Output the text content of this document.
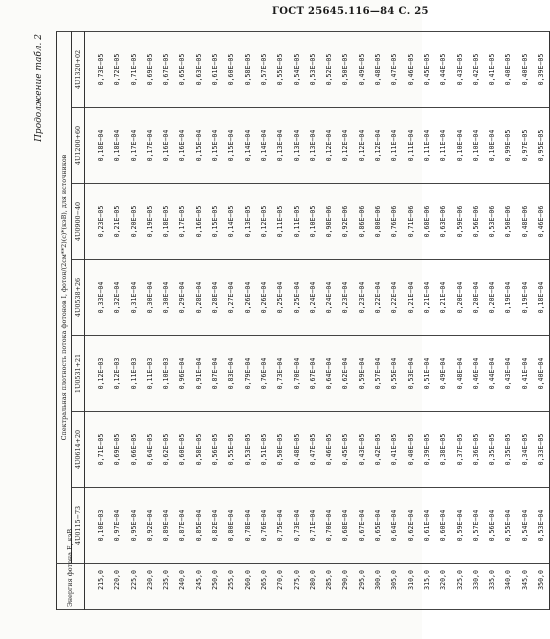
ГОСТ 25645.116—84 С. 25
Продолжение табл. 2
Энергия фотона E, кэВ	Спектральная плотность потока фотонов I, фотон/(2см**2)(с)*(кэВ), для источников						
	4U0115−73	4U0614+20	1U0531+21	4U0538+26	4U0900−40	4U1200+60	4U1320+02
215,0	0,10E−03	0,71E−05	0,12E−03	0,33E−04	0,23E−05	0,18E−04	0,73E−05
220,0	0,97E−04	0,69E−05	0,12E−03	0,32E−04	0,21E−05	0,18E−04	0,72E−05
225,0	0,95E−04	0,66E−05	0,11E−03	0,31E−04	0,20E−05	0,17E−04	0,71E−05
230,0	0,92E−04	0,64E−05	0,11E−03	0,30E−04	0,19E−05	0,17E−04	0,69E−05
235,0	0,89E−04	0,62E−05	0,10E−03	0,30E−04	0,18E−05	0,16E−04	0,67E−05
240,0	0,87E−04	0,60E−05	0,96E−04	0,29E−04	0,17E−05	0,16E−04	0,65E−05
245,0	0,85E−04	0,58E−05	0,91E−04	0,28E−04	0,16E−05	0,15E−04	0,63E−05
250,0	0,82E−04	0,56E−05	0,87E−04	0,28E−04	0,15E−05	0,15E−04	0,61E−05
255,0	0,80E−04	0,55E−05	0,83E−04	0,27E−04	0,14E−05	0,15E−04	0,60E−05
260,0	0,78E−04	0,53E−05	0,79E−04	0,26E−04	0,13E−05	0,14E−04	0,58E−05
265,0	0,76E−04	0,51E−05	0,76E−04	0,26E−04	0,12E−05	0,14E−04	0,57E−05
270,0	0,75E−04	0,50E−05	0,73E−04	0,25E−04	0,11E−05	0,13E−04	0,55E−05
275,0	0,73E−04	0,48E−05	0,70E−04	0,25E−04	0,11E−05	0,13E−04	0,54E−05
280,0	0,71E−04	0,47E−05	0,67E−04	0,24E−04	0,10E−05	0,13E−04	0,53E−05
285,0	0,70E−04	0,46E−05	0,64E−04	0,24E−04	0,98E−06	0,12E−04	0,52E−05
290,0	0,68E−04	0,45E−05	0,62E−04	0,23E−04	0,92E−06	0,12E−04	0,50E−05
295,0	0,67E−04	0,43E−05	0,59E−04	0,23E−04	0,86E−06	0,12E−04	0,49E−05
300,0	0,65E−04	0,42E−05	0,57E−04	0,22E−04	0,80E−06	0,12E−04	0,48E−05
305,0	0,64E−04	0,41E−05	0,55E−04	0,22E−04	0,76E−06	0,11E−04	0,47E−05
310,0	0,62E−04	0,40E−05	0,53E−04	0,21E−04	0,71E−06	0,11E−04	0,46E−05
315,0	0,61E−04	0,39E−05	0,51E−04	0,21E−04	0,68E−06	0,11E−04	0,45E−05
320,0	0,60E−04	0,38E−05	0,49E−04	0,21E−04	0,63E−06	0,11E−04	0,44E−05
325,0	0,59E−04	0,37E−05	0,48E−04	0,20E−04	0,59E−06	0,10E−04	0,43E−05
330,0	0,57E−04	0,36E−05	0,46E−04	0,20E−04	0,56E−06	0,10E−04	0,42E−05
335,0	0,56E−04	0,35E−05	0,44E−04	0,20E−04	0,53E−06	0,10E−04	0,41E−05
340,0	0,55E−04	0,35E−05	0,43E−04	0,19E−04	0,50E−06	0,99E−05	0,40E−05
345,0	0,54E−04	0,34E−05	0,41E−04	0,19E−04	0,48E−06	0,97E−05	0,40E−05
350,0	0,53E−04	0,33E−05	0,40E−04	0,18E−04	0,46E−06	0,95E−05	0,39E−05
